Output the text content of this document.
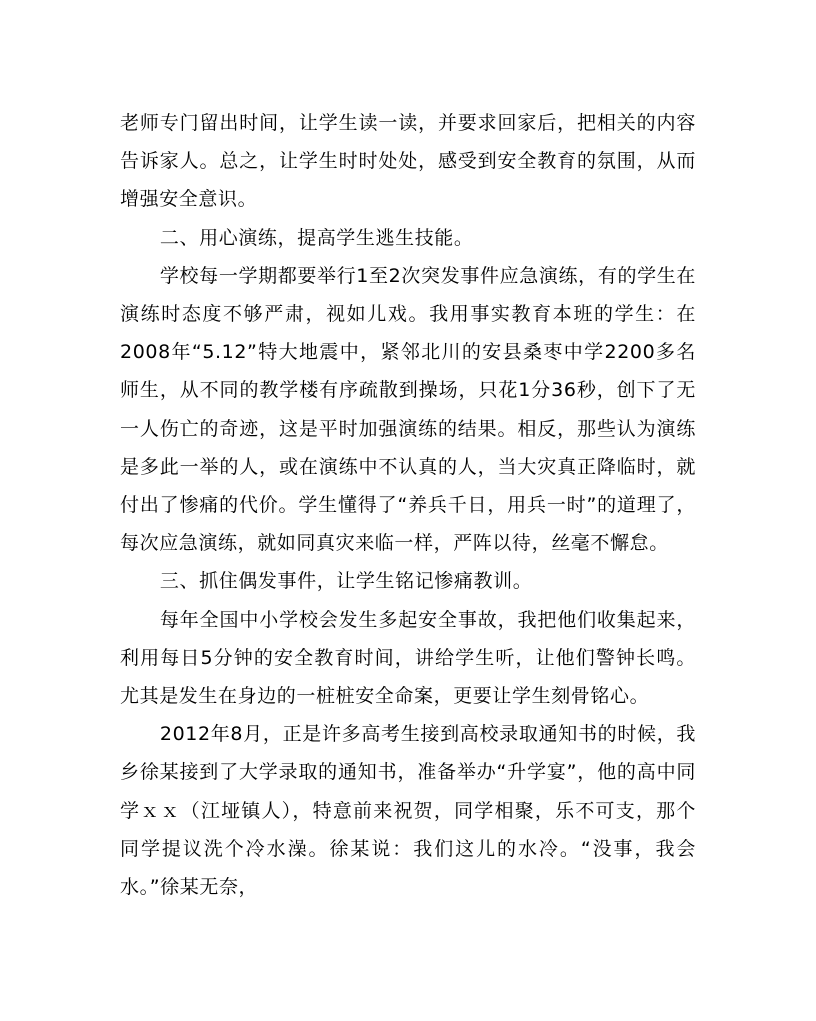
老师专门留出时间，让学生读一读，并要求回家后，把相关的内容告诉家人。总之，让学生时时处处，感受到安全教育的氛围，从而增强安全意识。

二、用心演练，提高学生逃生技能。

学校每一学期都要举行1至2次突发事件应急演练，有的学生在演练时态度不够严肃，视如儿戏。我用事实教育本班的学生：在2008年“5.12”特大地震中，紧邻北川的安县桑枣中学2200多名师生，从不同的教学楼有序疏散到操场，只花1分36秒，创下了无一人伤亡的奇迹，这是平时加强演练的结果。相反，那些认为演练是多此一举的人，或在演练中不认真的人，当大灾真正降临时，就付出了惨痛的代价。学生懂得了“养兵千日，用兵一时”的道理了，每次应急演练，就如同真灾来临一样，严阵以待，丝毫不懈怠。

三、抓住偶发事件，让学生铭记惨痛教训。

每年全国中小学校会发生多起安全事故，我把他们收集起来，利用每日5分钟的安全教育时间，讲给学生听，让他们警钟长鸣。尤其是发生在身边的一桩桩安全命案，更要让学生刻骨铭心。

2012年8月，正是许多高考生接到高校录取通知书的时候，我乡徐某接到了大学录取的通知书，准备举办“升学宴”，他的高中同学ｘｘ（江垭镇人），特意前来祝贺，同学相聚，乐不可支，那个同学提议洗个冷水澡。徐某说：我们这儿的水冷。“没事，我会水。”徐某无奈，
